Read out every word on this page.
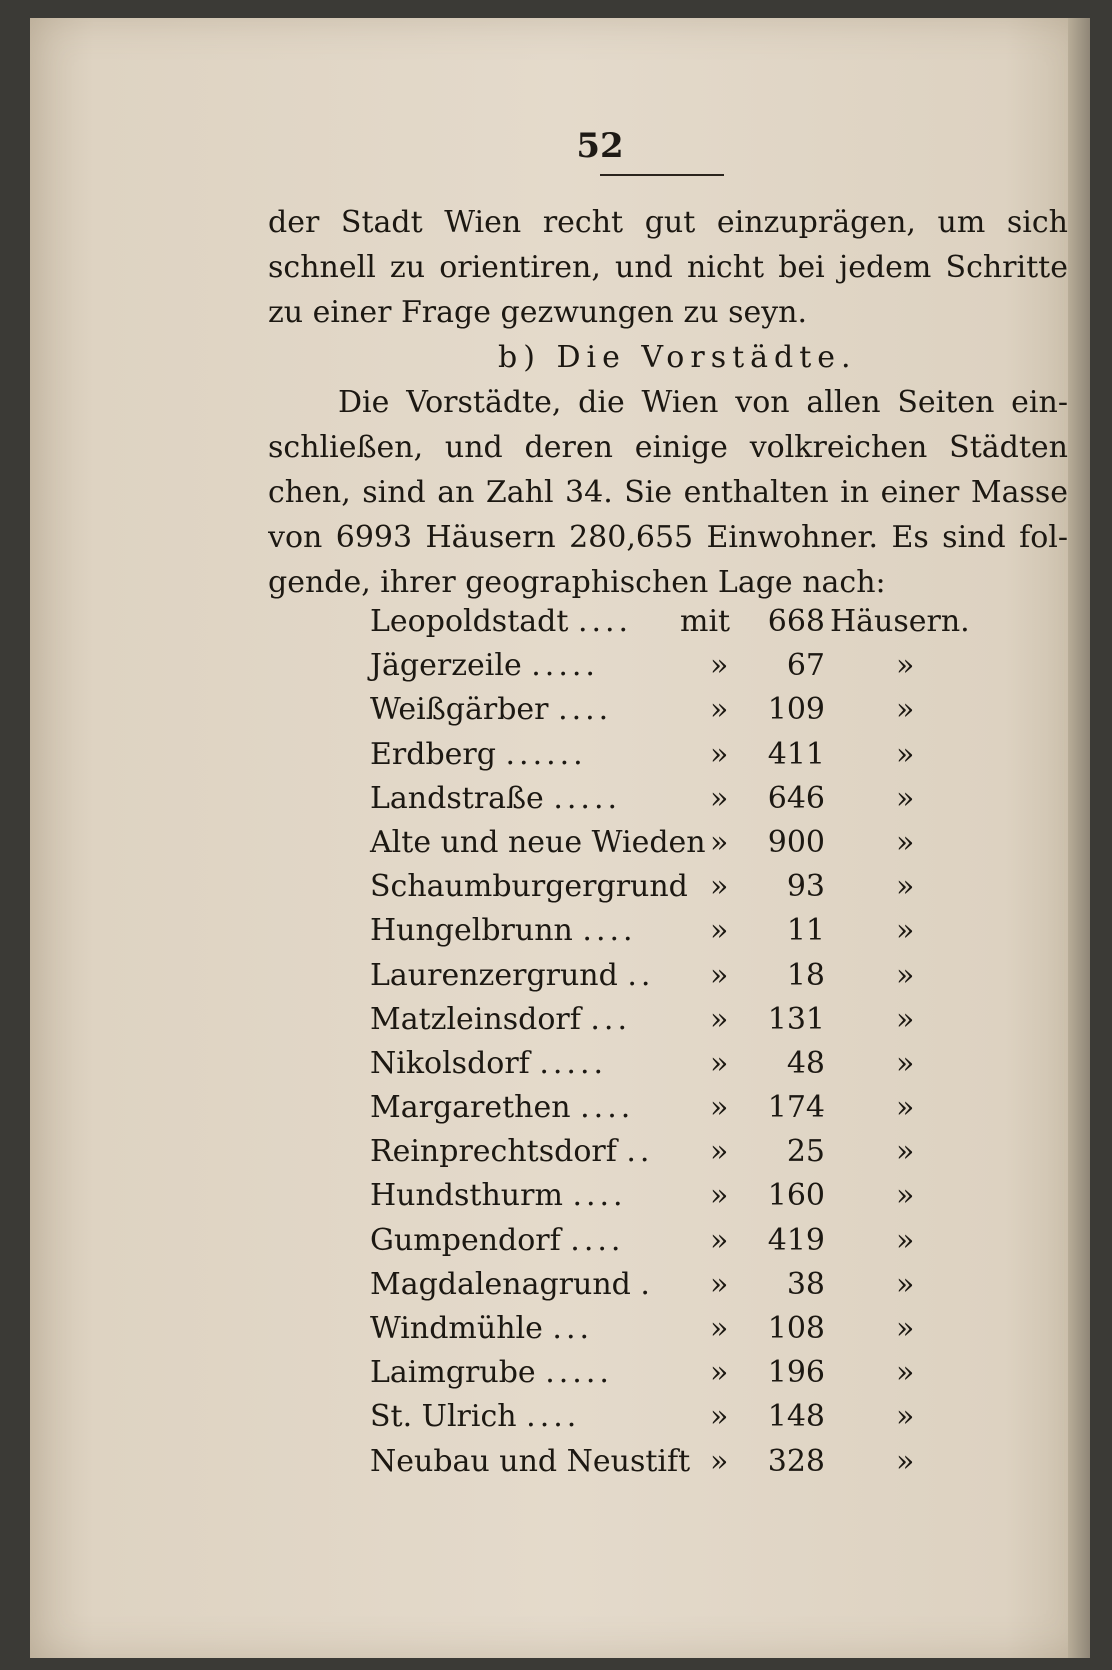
52
der Stadt Wien recht gut einzuprägen, um sich
schnell zu orientiren, und nicht bei jedem Schritte
zu einer Frage gezwungen zu seyn.
b) Die Vorstädte.
Die Vorstädte, die Wien von allen Seiten ein-
schließen, und deren einige volkreichen Städten
chen, sind an Zahl 34. Sie enthalten in einer Masse
von 6993 Häusern 280,655 Einwohner. Es sind fol-
gende, ihrer geographischen Lage nach:
Leopoldstadt .... mit	668 Häusern.
Jägerzeile .....	»	67 »
Weißgärber ....	»	109 »
Erdberg ......	»	411 »
Landstraße .....	»	646 »
Alte und neue Wieden »	900 »
Schaumburgergrund »	93 »
Hungelbrunn .... »	11 »
Laurenzergrund .. »	18 »
Matzleinsdorf ...	»	131 »
Nikolsdorf .....	»	48 »
Margarethen ....	»	174 »
Reinprechtsdorf .. »	25 »
Hundsthurm ....	»	160 »
Gumpendorf ....	»	419 »
Magdalenagrund . »	38 »
Windmühle ...	»	108 »
Laimgrube .....	»	196 »
St. Ulrich ....	»	148 »
Neubau und Neustift »	328 »
